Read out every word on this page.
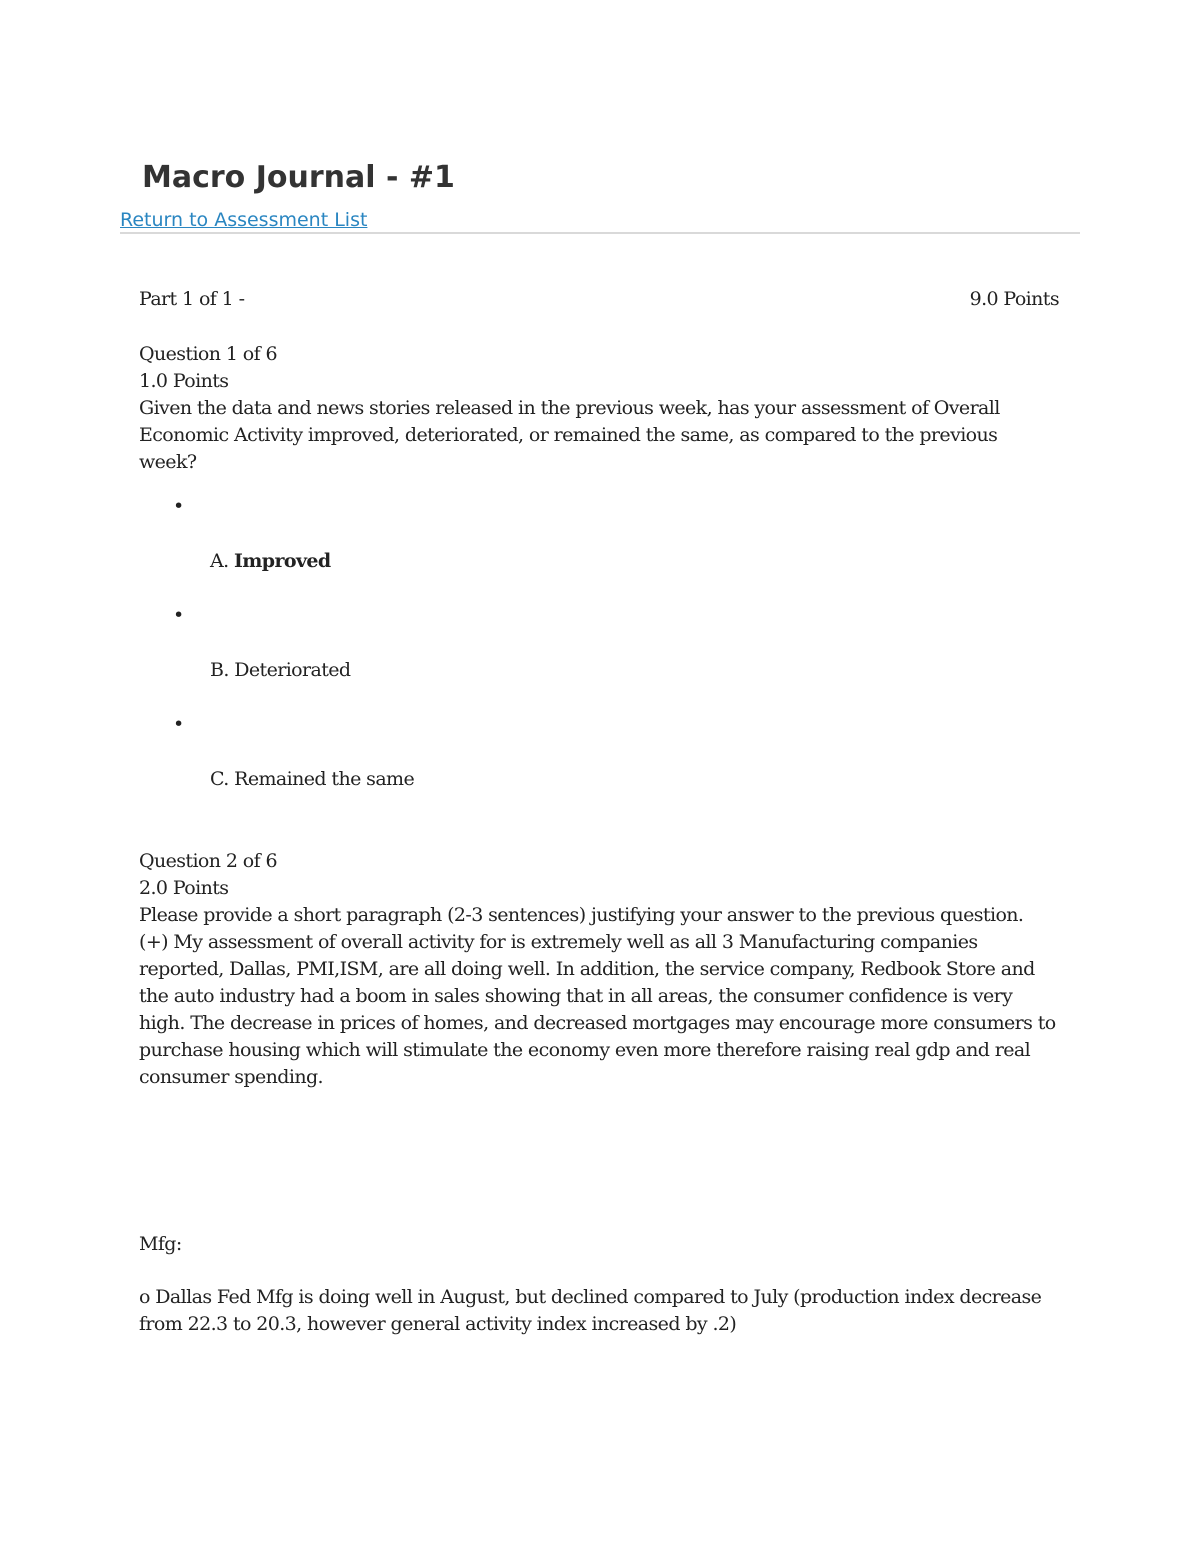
Macro Journal - #1
Return to Assessment List
Part 1 of 1 -	9.0 Points
Question 1 of 6
1.0 Points
Given the data and news stories released in the previous week, has your assessment of Overall Economic Activity improved, deteriorated, or remained the same, as compared to the previous week?
•
A. Improved
•
B. Deteriorated
•
C. Remained the same
Question 2 of 6
2.0 Points
Please provide a short paragraph (2-3 sentences) justifying your answer to the previous question.
(+) My assessment of overall activity for is extremely well as all 3 Manufacturing companies reported, Dallas, PMI,ISM, are all doing well. In addition, the service company, Redbook Store and the auto industry had a boom in sales showing that in all areas, the consumer confidence is very high. The decrease in prices of homes, and decreased mortgages may encourage more consumers to purchase housing which will stimulate the economy even more therefore raising real gdp and real consumer spending.
Mfg:
o Dallas Fed Mfg is doing well in August, but declined compared to July (production index decrease from 22.3 to 20.3, however general activity index increased by .2)
